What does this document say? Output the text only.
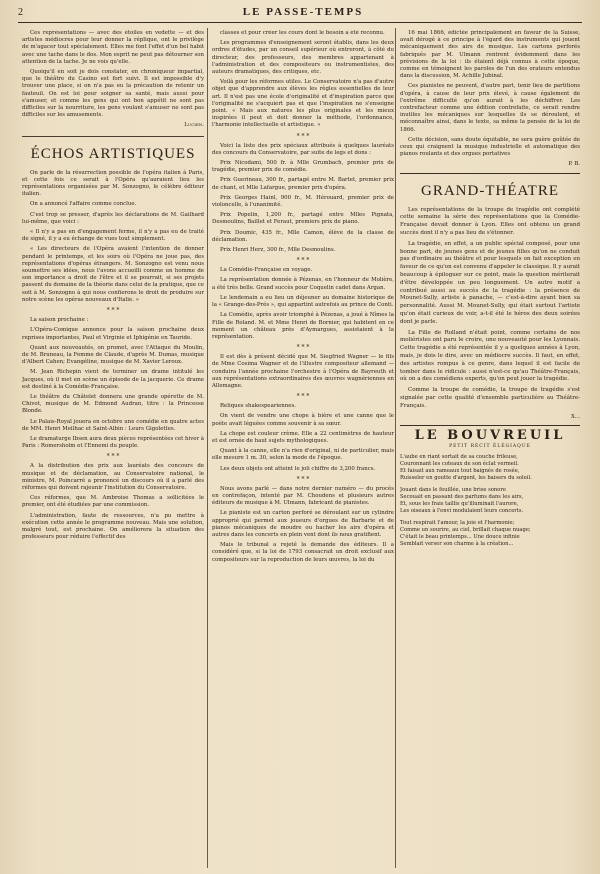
2	LE PASSE-TEMPS

Ces représentations — avec des étoiles en vedette — et des artistes médiocres pour leur donner la réplique, ont le privilège de m'agacer tout spécialement. Elles me font l'effet d'un bel habit avec une tache dans le dos. Mon esprit ne peut pas détourner son attention de la tache. Je ne vois qu'elle.

Quoiqu'il en soit je dois constater, en chroniqueur impartial, que le théâtre du Casino est fort suivi. Il est impossible d'y trouver une place, si on n'a pas eu la précaution de retenir un fauteuil. On est loi pour soigner sa santé, mais aussi pour s'amuser, et comme les gens qui ont bon appétit ne sont pas difficiles sur la nourriture, les gens voulant s'amuser ne sont pas difficiles sur les amusements.

Lucien.
ÉCHOS ARTISTIQUES

On parle de la résurrection possible de l'opéra italien à Paris, et cette fois ce serait à l'Opéra qu'auraient lieu les représentations organisées par M. Sonzogno, le célèbre éditeur italien.

On a annoncé l'affaire comme conclue.

C'est trop se presser, d'après les déclarations de M. Gailhard lui-même, que voici :

« Il n'y a pas en d'engagement ferme, il n'y a pas eu de traité de signé, il y a eu échange de vues tout simplement.

« Les directeurs de l'Opéra avaient l'intention de donner pendant le printemps, et les soirs où l'Opéra ne joue pas, des représentations d'opéras étrangers. M. Sonzogno est venu nous soumettre ses idées, nous l'avons accueilli comme un homme de son importance a droit de l'être et il se pourrait, si ses projets passent du domaine de la théorie dans celui de la pratique, que ce soit à M. Sonzogno à qui nous confierons le droit de produire sur notre scène les opéras nouveaux d'Italie. »

* * *

La saison prochaine :

L'Opéra-Comique annonce pour la saison prochaine deux reprises importantes, Paul et Virginie et Iphigénie en Tauride.

Quant aux nouveautés, on promet, avec l'Attaque du Moulin, de M. Bruneau, la Femme de Claude, d'après M. Dumas, musique d'Albert Cahen; Evangéline, musique de M. Xavier Leroux.

M. Jean Richepin vient de terminer un drame intitulé les Jacques, où il met en scène un épisode de la jacquerie. Ce drame est destiné à la Comédie-Française.

Le théâtre du Châtelet donnera une grande opérette de M. Chivot, musique de M. Edmond Audran, titre : la Princesse Blonde.

Le Palais-Royal jouera en octobre une comédie en quatre actes de MM. Henri Meilhac et Saint-Albin : Leurs Gigolettes.

Le dramaturge Ibsen aura deux pièces représentées cet hiver à Paris : Romersholm et l'Ennemi du peuple.

* * *

A la distribution des prix aux lauréats des concours de musique et de déclamation, au Conservatoire national, le ministre, M. Poincarré a prononcé un discours où il a parlé des réformes qui doivent rajeunir l'institution du Conservatoire.

Ces réformes, que M. Ambroise Thomas a sollicitées le premier, ont été étudiées par une commission.

L'administration, faute de ressources, n'a pu mettre à exécution cette année le programme nouveau. Mais une solution, malgré tout, est prochaine. On améliorera la situation des professeurs pour réduire l'effectif des

classes et pour créer les cours dont le besoin a été reconnu.

Les programmes d'enseignement seront établis, dans les deux ordres d'études, par un conseil supérieur où entreront, à côté du directeur, des professeurs, des membres appartenant à l'administration et des compositeurs ou instrumentistes, des auteurs dramatiques, des critiques, etc.

Voilà pour les réformes utiles. Le Conservatoire n'a pas d'autre objet que d'apprendre aux élèves les règles essentielles de leur art. Il n'est pas une école d'originalité et d'inspiration parce que l'originalité ne s'acquiert pas et que l'inspiration ne s'enseigne point. « Mais aux natures les plus originales et les mieux inspirées il peut et doit donner la méthode, l'ordonnance, l'harmonie intellectuelle et artistique. »

* * *

Voici la liste des prix spéciaux attribués à quelques lauréats des concours du Conservatoire, par suite de legs et dons :

Prix Nicodami, 500 fr. à Mlle Grumbach, premier prix de tragédie, premier prix de comédie.

Prix Guerineau, 300 fr., partagé entre M. Bartet, premier prix de chant, et Mlle Lafargue, premier prix d'opéra.

Prix Georges Hainl, 900 fr., M. Hérouard, premier prix de violoncelle, à l'unanimité.

Prix Popelin, 1,200 fr., partagé entre Mlles Pignata, Desmoulins, Baillet et Feraut, premiers prix de piano.

Prix Doumic, 435 fr., Mlle Camon, élève de la classe de déclamation.

Prix Henri Herz, 300 fr., Mlle Desmoulins.

* * *

La Comédie-Française en voyage.

La représentation donnée à Pézenas, en l'honneur de Molière, a été très belle. Grand succès pour Coquelin cadet dans Argan.

Le lendemain a eu lieu un déjeuner au domaine historique de la « Grange-des-Prés », qui appartint autrefois au prince de Conti.

La Comédie, après avoir triomphé à Pézenas, a joué à Nîmes la Fille de Roland. M. et Mme Henri de Bornier, qui habitent en ce moment un château près d'Aymargues, assistaient à la représentation.

* * *

Il est dès à présent décidé que M. Siegfried Wagner — le fils de Mme Cosima Wagner et de l'illustre compositeur allemand — conduira l'année prochaine l'orchestre à l'Opéra de Bayreuth et aux représentations extraordinaires des œuvres wagnériennes en Allemagne.

* * *

Reliques shakespeariennes.

On vient de vendre une chope à bière et une canne que le poète avait léguées comme souvenir à sa sœur.

La chope est couleur crème. Elle a 22 centimètres de hauteur et est ornée de haut sujets mythologiques.

Quant à la canne, elle n'a rien d'original, ni de particulier, mais elle mesure 1 m. 30, selon la mode de l'époque.

Les deux objets ont atteint le joli chiffre de 3,200 francs.

* * *

Nous avons parlé — dans notre dernier numéro — du procès en contrefaçon, intenté par M. Choudens et plusieurs autres éditeurs de musique à M. Ulmann, fabricant de pianistes.

Le pianiste est un carton perforé se déroulant sur un cylindre approprié qui permet aux joueurs d'orgues de Barbarie et de pianos mécaniques de moudre ou hacher les airs d'opéra et autres dans les concerts en plein vent dont ils nous gratifient.

Mais le tribunal a rejeté la demande des éditeurs. Il a considéré que, si la loi de 1793 consacrait un droit exclusif aux compositeurs sur la reproduction de leurs œuvres, la loi du

16 mai 1866, édictée principalement en faveur de la Suisse, avait dérogé à ce principe à l'égard des instruments qui jouent mécaniquement des airs de musique. Les cartons perforés fabriqués par M. Ulmann rentrent évidemment dans les prévisions de la loi : ils étaient déjà connus à cette époque, comme en témoignent les paroles de l'un des orateurs entendus dans la discussion, M. Achille Jubinal.

Ces pianistes ne peuvent, d'autre part, tenir lieu de partitions d'opéra, à cause de leur prix élevé, à cause également de l'extrême difficulté qu'on aurait à les déchiffrer. Les contrefacteur comme une édition contrefaite, ce serait rendre inutiles les mécaniques sur lesquelles ils se déroulent, et méconnaître ainsi, dans le texte, sa même la pensée de la loi de 1866.

Cette décision, sans doute équitable, ne sera guère goûtée de ceux qui craignent la musique industrielle et automatique des pianos roulants et des orgues portatives

P. B.
GRAND-THÉATRE

Les représentations de la troupe de tragédie ont complété cette semaine la série des représentations que la Comédie-Française devait donner à Lyon. Elles ont obtenu un grand succès dont il n'y a pas lieu de s'étonner.

La tragédie, en effet, a un public spécial composé, pour une bonne part, de jeunes gens et de jeunes filles qu'on ne conduit pas d'ordinaire au théâtre et pour lesquels on fait exception en faveur de ce qu'on est convenu d'appeler le classique. Il y aurait beaucoup à épiloguer sur ce point, mais la question mériterait d'être développée un peu longuement. Un autre motif a contribué aussi au succès de la tragédie : la présence de Mounet-Sully, artiste à panache, — c'est-à-dire ayant bien sa personnalité. Aussi M. Mounet-Sully, qui était surtout l'artiste qu'on était curieux de voir, a-t-il été le héros des deux soirées dont je parle.

La Fille de Rolland n'était point, comme certains de nos moliéristes ont paru le croire, une nouveauté pour les Lyonnais. Cette tragédie a été représentée il y a quelques années à Lyon, mais, je dois le dire, avec un médiocre succès. Il faut, en effet, des artistes rompus à ce genre, dans lequel il est facile de tomber dans le ridicule : aussi n'est-ce qu'au Théâtre-Français, où on a des comédiens experts, qu'on peut jouer la tragédie.

Comme la troupe de comédie, la troupe de tragédie s'est signalée par cette qualité d'ensemble particulière au Théâtre-Français.

X...
LE BOUVREUIL
PETIT RÉCIT ÉLÉGIAQUE

L'aube en riant sortait de sa couche frileuse,

Couronnant les coteaux de son éclat vermeil.

Et faisait aux rameaux tout baignés de rosée,

Ruisseler en goutte d'argent, les baisers du soleil.

Jouant dans le feuillée, une brise sonore

Secouait en passant des parfums dans les airs,

Et, sous les frais taillis qu'illuminait l'aurore,

Les oiseaux à l'envi modulaient leurs concerts.

Tout respirait l'amour, la joie et l'harmonie;

Comme un sourire, au ciel, brillait chaque nuage;

C'était le beau printemps... Une douce infinie

Semblait verser son charme à la création...
